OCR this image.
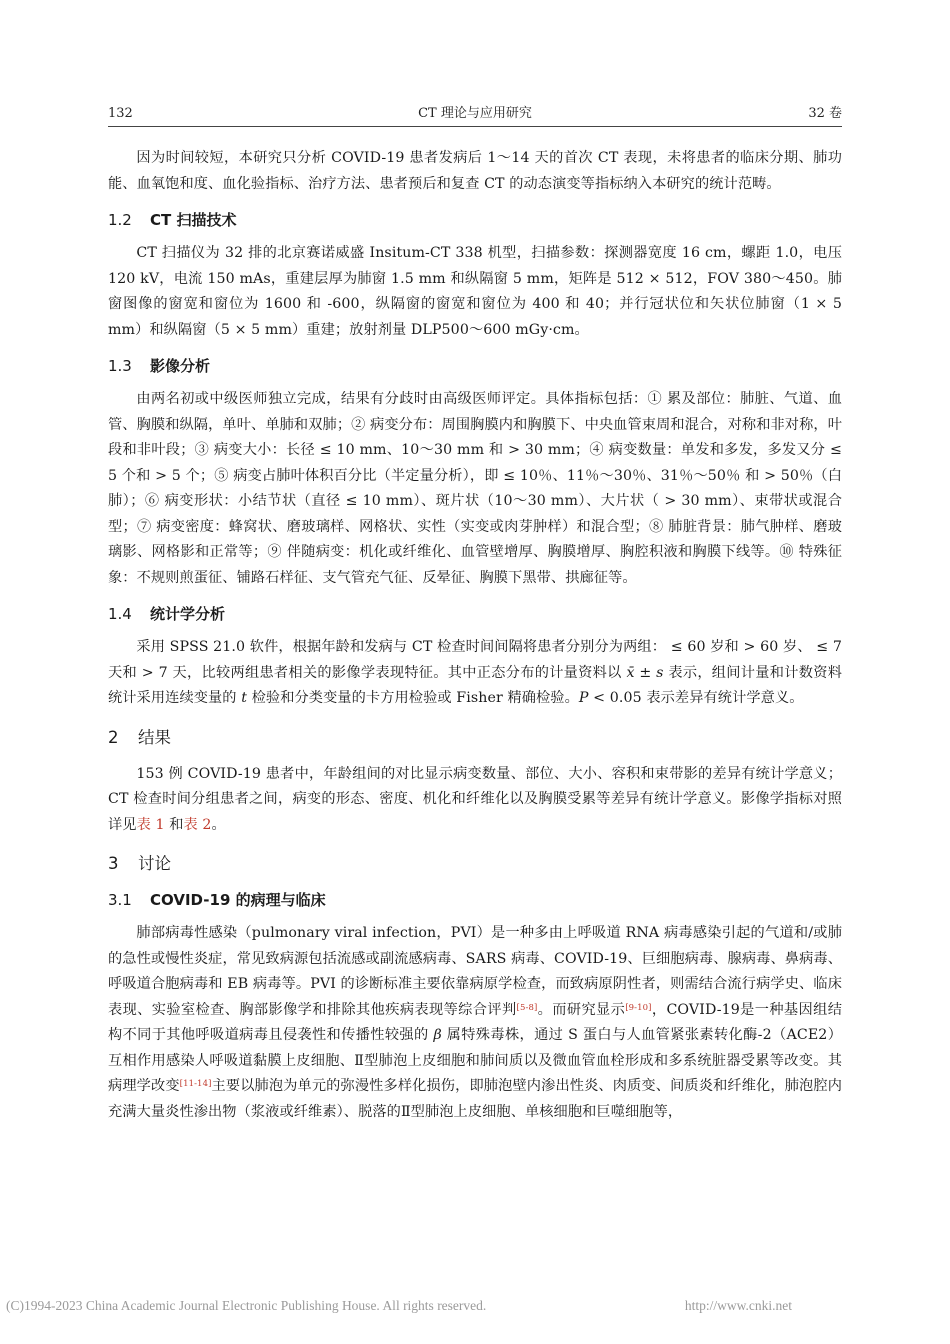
132	CT 理论与应用研究	32 卷

因为时间较短，本研究只分析 COVID-19 患者发病后 1～14 天的首次 CT 表现，未将患者的临床分期、肺功能、血氧饱和度、血化验指标、治疗方法、患者预后和复查 CT 的动态演变等指标纳入本研究的统计范畴。

1.2 CT 扫描技术

CT 扫描仪为 32 排的北京赛诺威盛 Insitum-CT 338 机型，扫描参数：探测器宽度 16 cm，螺距 1.0，电压 120 kV，电流 150 mAs，重建层厚为肺窗 1.5 mm 和纵隔窗 5 mm，矩阵是 512 × 512，FOV 380～450。肺窗图像的窗宽和窗位为 1600 和 -600，纵隔窗的窗宽和窗位为 400 和 40；并行冠状位和矢状位肺窗（1 × 5 mm）和纵隔窗（5 × 5 mm）重建；放射剂量 DLP500～600 mGy·cm。

1.3 影像分析

由两名初或中级医师独立完成，结果有分歧时由高级医师评定。具体指标包括：① 累及部位：肺脏、气道、血管、胸膜和纵隔，单叶、单肺和双肺；② 病变分布：周围胸膜内和胸膜下、中央血管束周和混合，对称和非对称，叶段和非叶段；③ 病变大小：长径 ≤ 10 mm、10～30 mm 和 > 30 mm；④ 病变数量：单发和多发，多发又分 ≤ 5 个和 > 5 个；⑤ 病变占肺叶体积百分比（半定量分析），即 ≤ 10％、11％～30％、31％～50％ 和 > 50％（白肺）；⑥ 病变形状：小结节状（直径 ≤ 10 mm）、斑片状（10～30 mm）、大片状（ > 30 mm）、束带状或混合型；⑦ 病变密度：蜂窝状、磨玻璃样、网格状、实性（实变或肉芽肿样）和混合型；⑧ 肺脏背景：肺气肿样、磨玻璃影、网格影和正常等；⑨ 伴随病变：机化或纤维化、血管壁增厚、胸膜增厚、胸腔积液和胸膜下线等。⑩ 特殊征象：不规则煎蛋征、铺路石样征、支气管充气征、反晕征、胸膜下黑带、拱廊征等。

1.4 统计学分析

采用 SPSS 21.0 软件，根据年龄和发病与 CT 检查时间间隔将患者分别分为两组： ≤ 60 岁和 > 60 岁、 ≤ 7 天和 > 7 天，比较两组患者相关的影像学表现特征。其中正态分布的计量资料以 x̄ ± s 表示，组间计量和计数资料统计采用连续变量的 t 检验和分类变量的卡方用检验或 Fisher 精确检验。P < 0.05 表示差异有统计学意义。

2 结果

153 例 COVID-19 患者中，年龄组间的对比显示病变数量、部位、大小、容积和束带影的差异有统计学意义；CT 检查时间分组患者之间，病变的形态、密度、机化和纤维化以及胸膜受累等差异有统计学意义。影像学指标对照详见表 1 和表 2。

3 讨论
3.1 COVID-19 的病理与临床

肺部病毒性感染（pulmonary viral infection，PVI）是一种多由上呼吸道 RNA 病毒感染引起的气道和/或肺的急性或慢性炎症，常见致病源包括流感或副流感病毒、SARS 病毒、COVID-19、巨细胞病毒、腺病毒、鼻病毒、呼吸道合胞病毒和 EB 病毒等。PVI 的诊断标准主要依靠病原学检查，而致病原阴性者，则需结合流行病学史、临床表现、实验室检查、胸部影像学和排除其他疾病表现等综合评判[5-8]。而研究显示[9-10]，COVID-19是一种基因组结构不同于其他呼吸道病毒且侵袭性和传播性较强的 β 属特殊毒株，通过 S 蛋白与人血管紧张素转化酶-2（ACE2）互相作用感染人呼吸道黏膜上皮细胞、Ⅱ型肺泡上皮细胞和肺间质以及微血管血栓形成和多系统脏器受累等改变。其病理学改变[11-14]主要以肺泡为单元的弥漫性多样化损伤，即肺泡壁内渗出性炎、肉质变、间质炎和纤维化，肺泡腔内充满大量炎性渗出物（浆液或纤维素）、脱落的Ⅱ型肺泡上皮细胞、单核细胞和巨噬细胞等，

(C)1994-2023 China Academic Journal Electronic Publishing House. All rights reserved.	http://www.cnki.net
